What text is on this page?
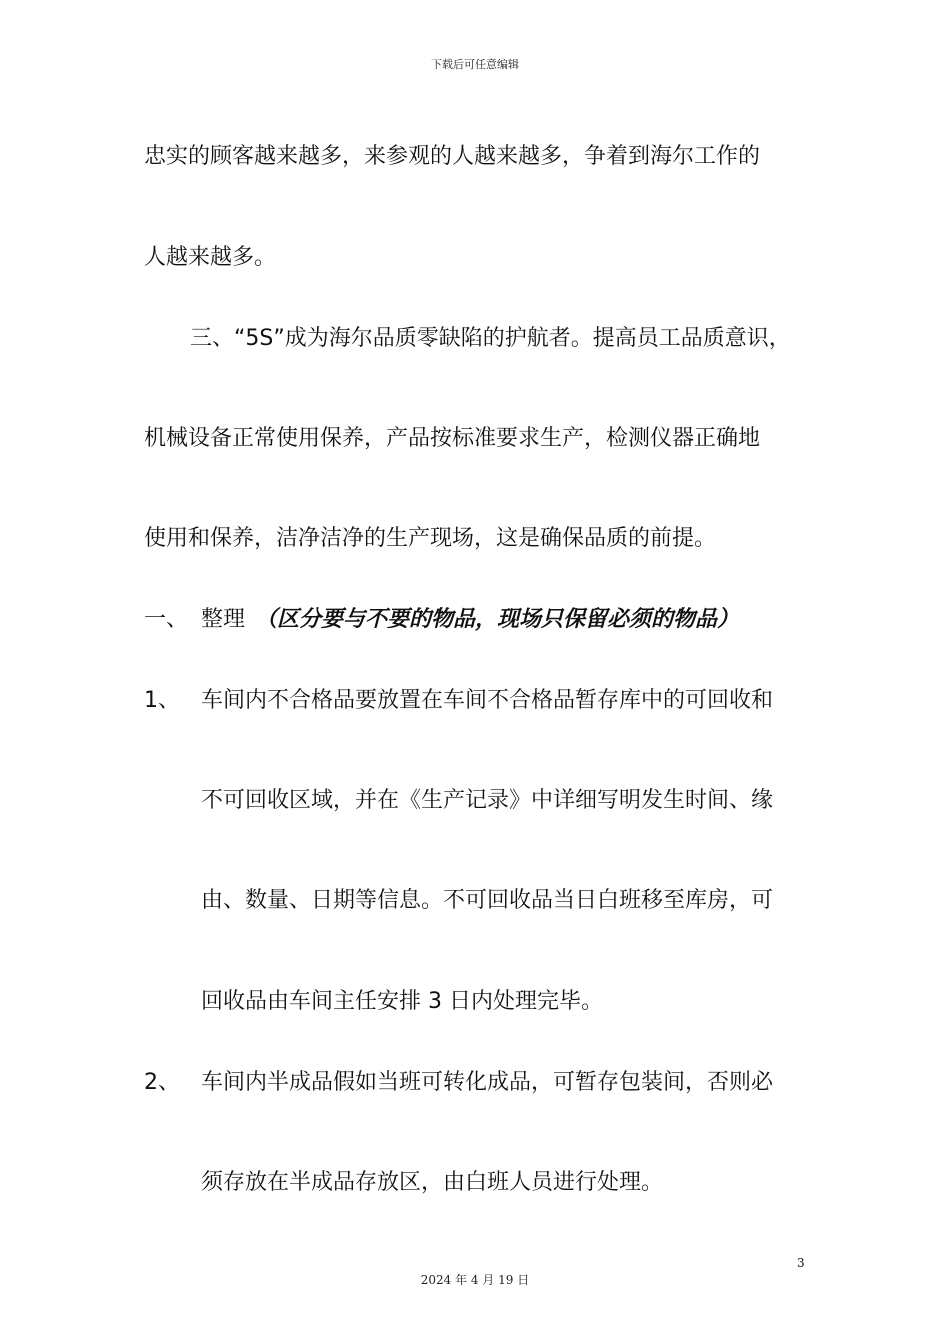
下载后可任意编辑
忠实的顾客越来越多，来参观的人越来越多，争着到海尔工作的
人越来越多。
三、“5S”成为海尔品质零缺陷的护航者。提高员工品质意识，
机械设备正常使用保养，产品按标准要求生产，检测仪器正确地
使用和保养，洁净洁净的生产现场，这是确保品质的前提。
一、 整理 （区分要与不要的物品，现场只保留必须的物品）
1、 车间内不合格品要放置在车间不合格品暂存库中的可回收和
不可回收区域，并在《生产记录》中详细写明发生时间、缘
由、数量、日期等信息。不可回收品当日白班移至库房，可
回收品由车间主任安排 3 日内处理完毕。
2、 车间内半成品假如当班可转化成品，可暂存包装间，否则必
须存放在半成品存放区，由白班人员进行处理。
3
2024 年 4 月 19 日
